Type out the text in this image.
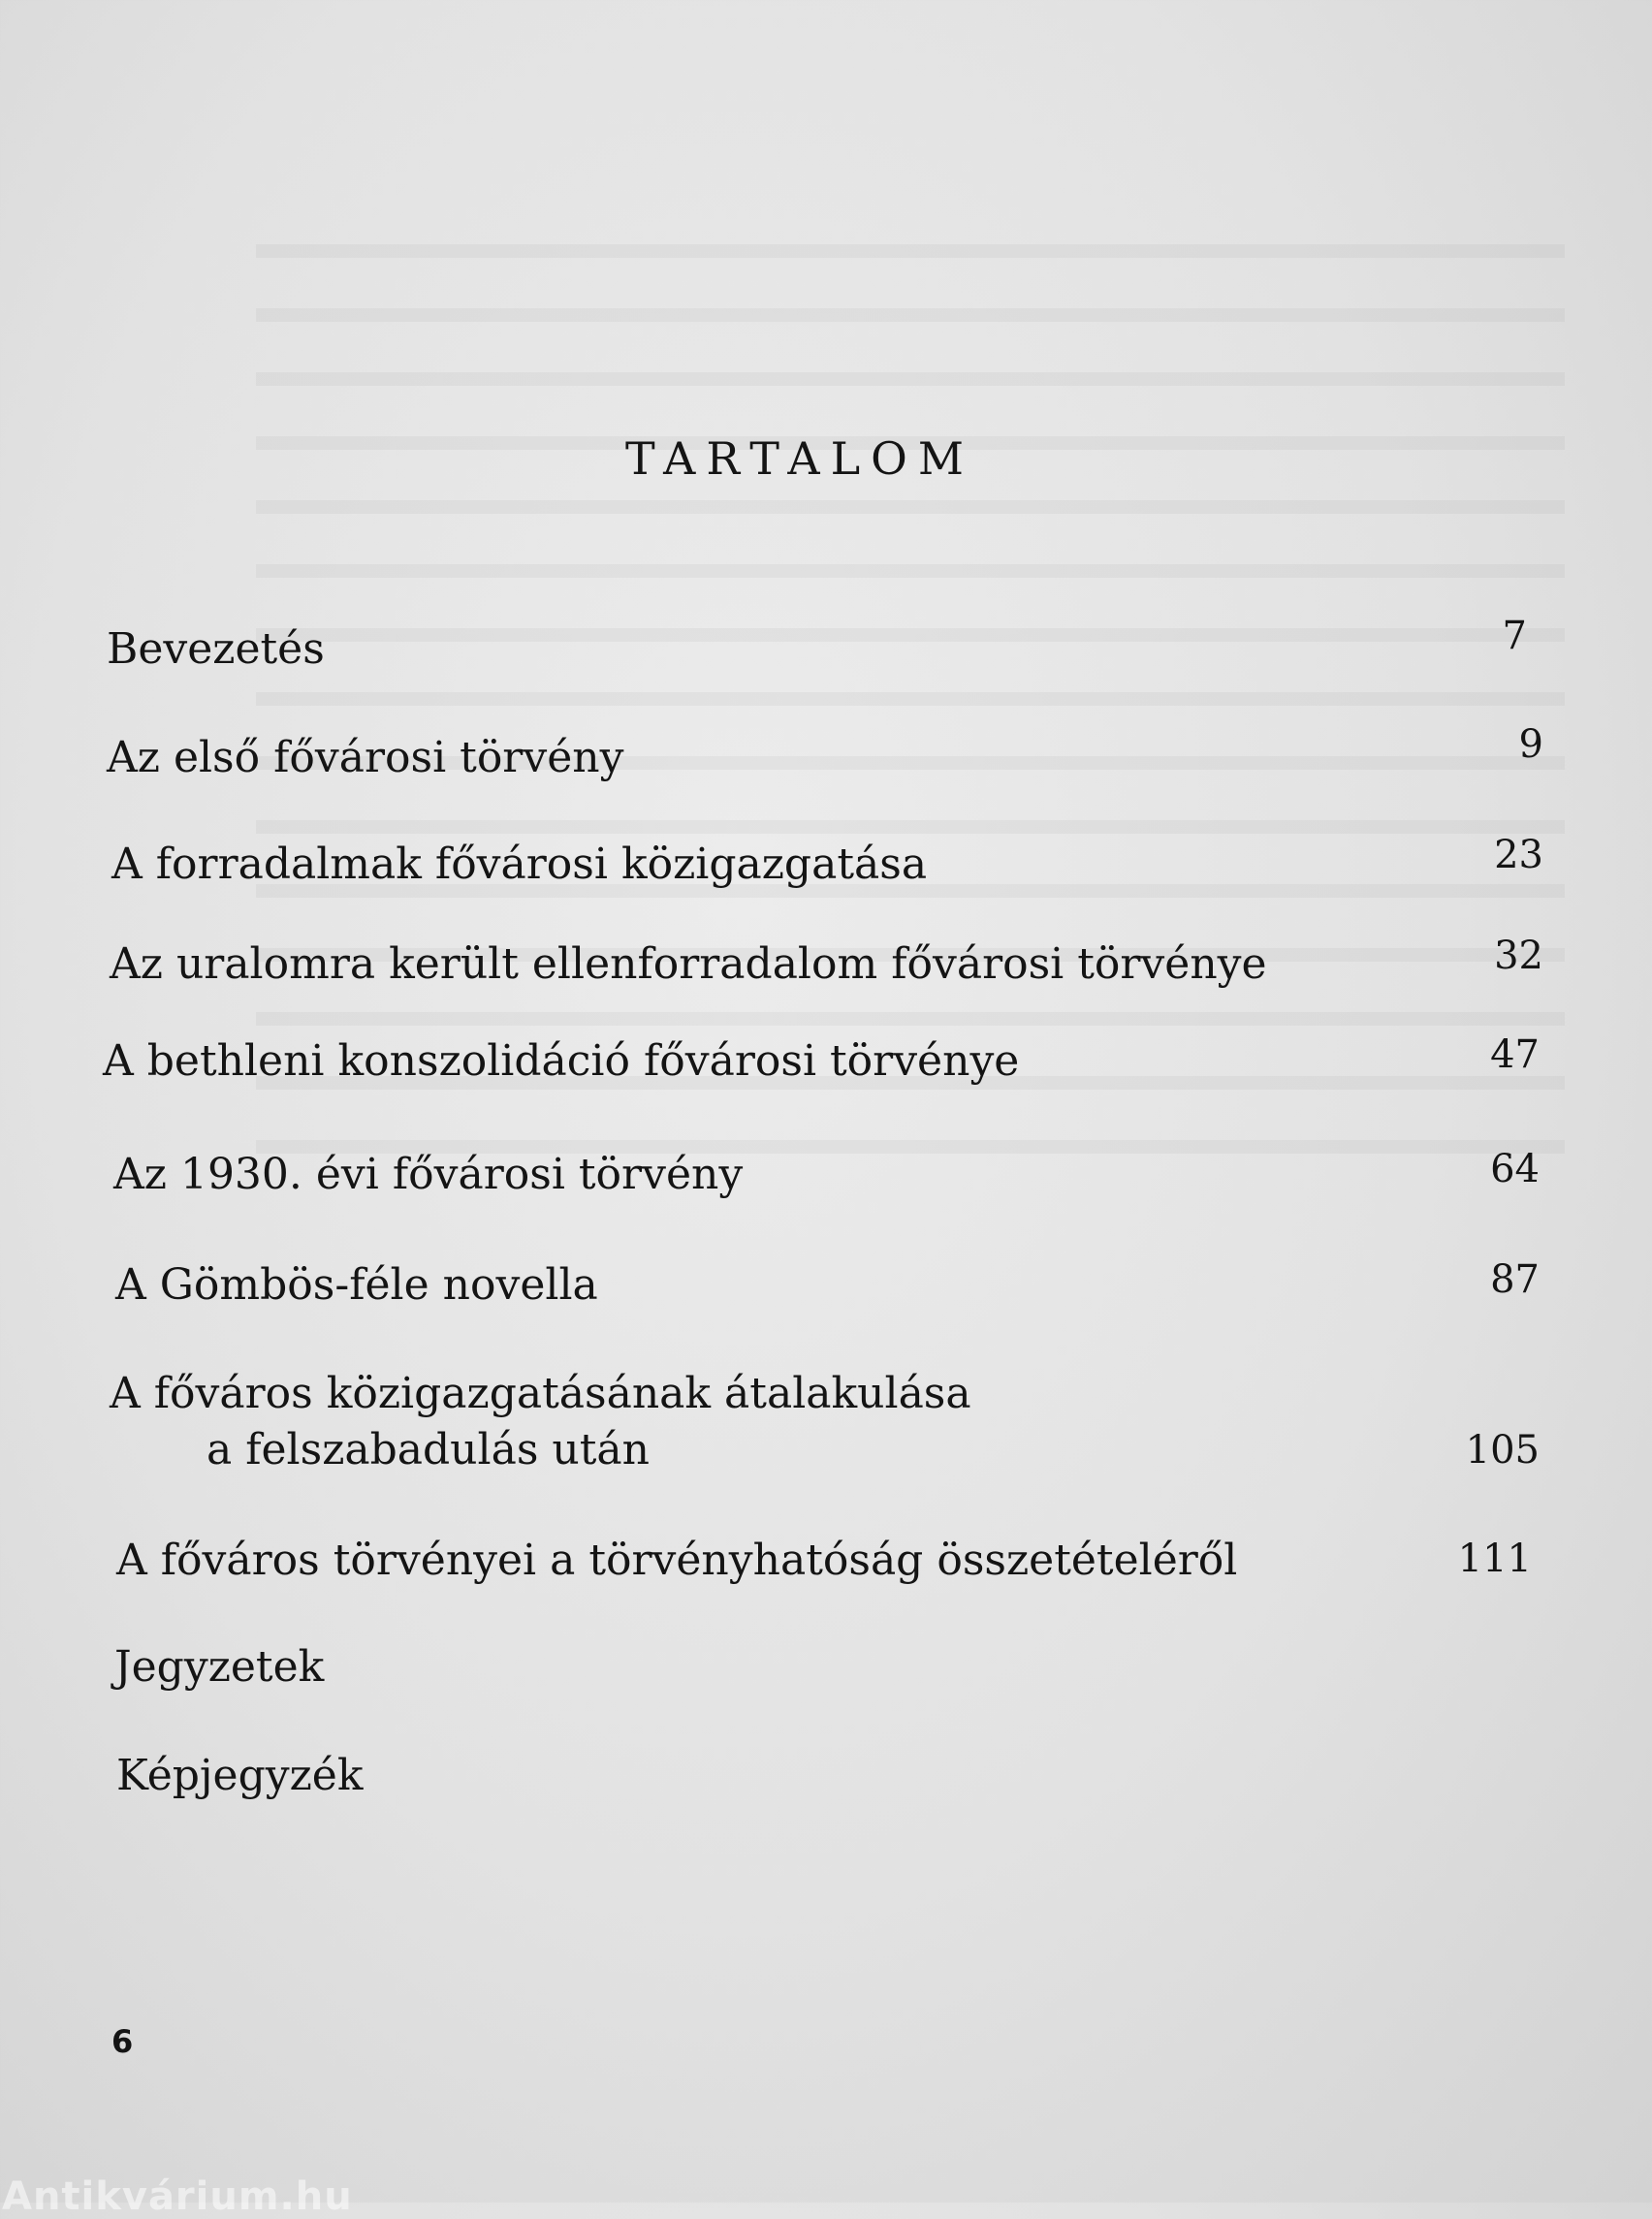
TARTALOM
Bevezetés	7
Az első fővárosi törvény	9
A forradalmak fővárosi közigazgatása	23
Az uralomra került ellenforradalom fővárosi törvénye	32
A bethleni konszolidáció fővárosi törvénye	47
Az 1930. évi fővárosi törvény	64
A Gömbös-féle novella	87
A főváros közigazgatásának átalakulása
a felszabadulás után	105
A főváros törvényei a törvényhatóság összetételéről	111
Jegyzetek
Képjegyzék
6
Antikvárium.hu
